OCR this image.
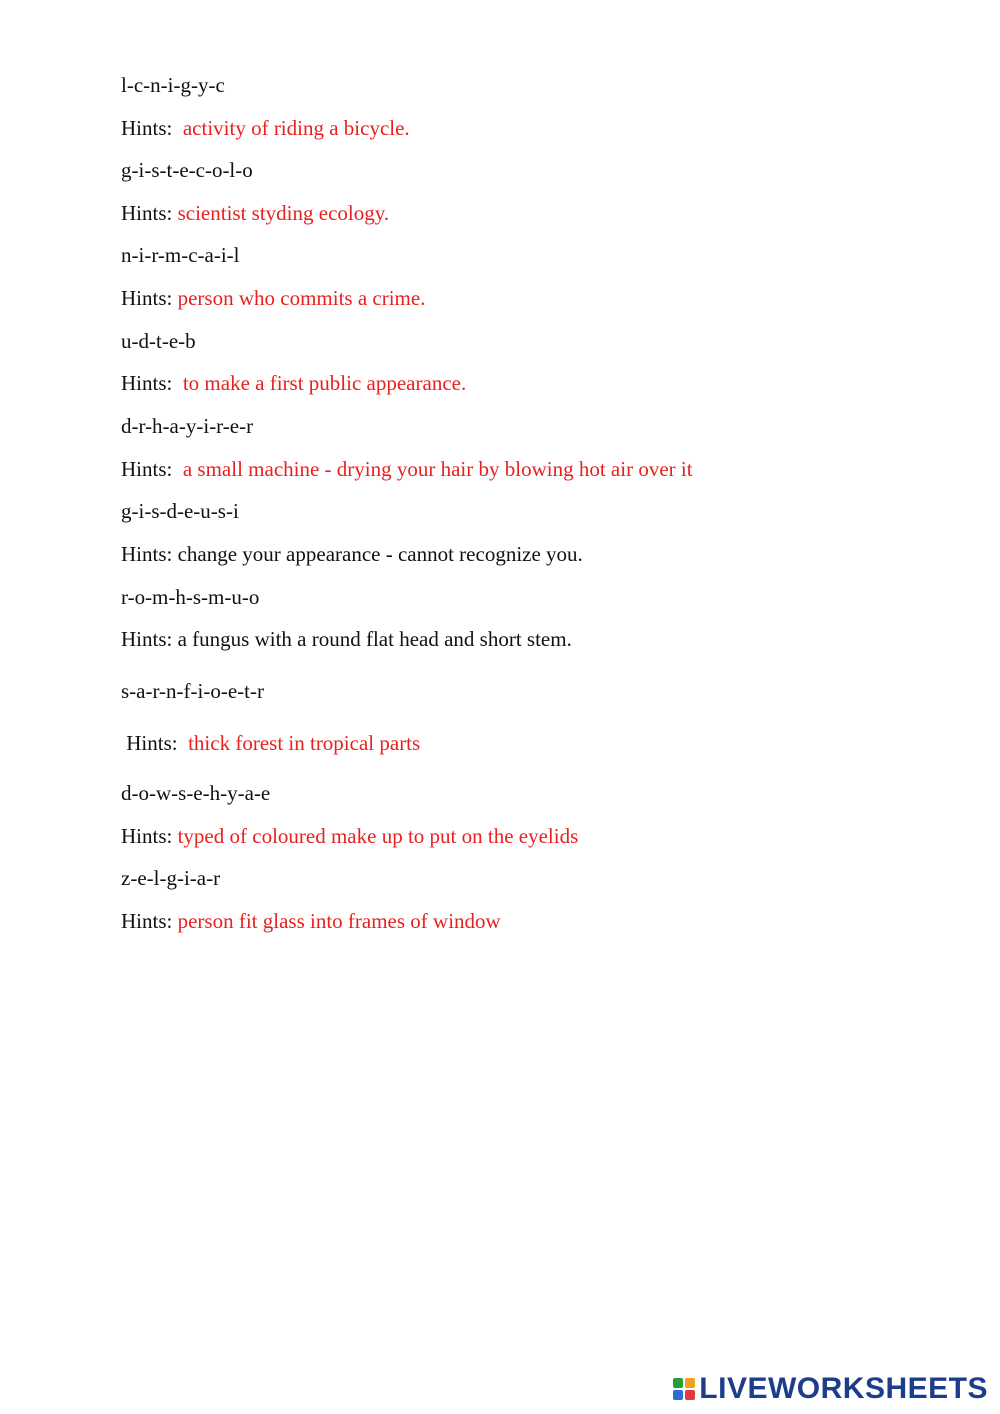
l-c-n-i-g-y-c
Hints:  activity of riding a bicycle.
g-i-s-t-e-c-o-l-o
Hints: scientist styding ecology.
n-i-r-m-c-a-i-l
Hints: person who commits a crime.
u-d-t-e-b
Hints:  to make a first public appearance.
d-r-h-a-y-i-r-e-r
Hints:  a small machine - drying your hair by blowing hot air over it
g-i-s-d-e-u-s-i
Hints: change your appearance - cannot recognize you.
r-o-m-h-s-m-u-o
Hints: a fungus with a round flat head and short stem.
s-a-r-n-f-i-o-e-t-r
Hints:  thick forest in tropical parts
d-o-w-s-e-h-y-a-e
Hints: typed of coloured make up to put on the eyelids
z-e-l-g-i-a-r
Hints: person fit glass into frames of window
LIVEWORKSHEETS
